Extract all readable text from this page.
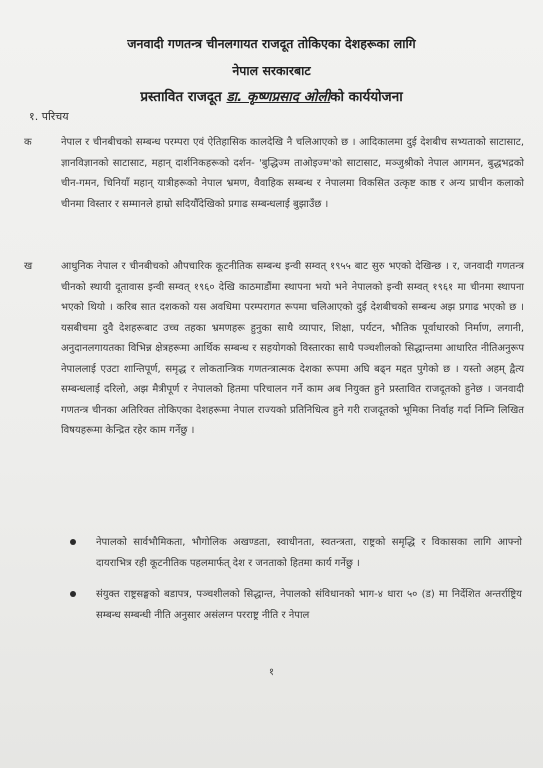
जनवादी गणतन्त्र चीनलगायत राजदूत तोकिएका देशहरूका लागि
नेपाल सरकारबाट
प्रस्तावित राजदूत डा. कृष्णप्रसाद ओलीको कार्ययोजना
१. परिचय
क	नेपाल र चीनबीचको सम्बन्ध परम्परा एवं ऐतिहासिक कालदेखि नै चलिआएको छ । आदिकालमा दुई देशबीच सभ्यताको साटासाट, ज्ञानविज्ञानको साटासाट, महान् दार्शनिकहरूको दर्शन- 'बुद्धिज्म ताओइज्म'को साटासाट, मञ्जुश्रीको नेपाल आगमन, बुद्धभद्रको चीन-गमन, चिनियाँ महान् यात्रीहरूको नेपाल भ्रमण, वैवाहिक सम्बन्ध र नेपालमा विकसित उत्कृष्ट काष्ठ र अन्य प्राचीन कलाको चीनमा विस्तार र सम्मानले हाम्रो सदियौँदेखिको प्रगाढ सम्बन्धलाई बुझाउँछ ।
ख	आधुनिक नेपाल र चीनबीचको औपचारिक कूटनीतिक सम्बन्ध इन्वी सम्वत् १९५५ बाट सुरु भएको देखिन्छ । र, जनवादी गणतन्त्र चीनको स्थायी दूतावास इन्वी सम्वत् १९६० देखि काठमाडौंमा स्थापना भयो भने नेपालको इन्वी सम्वत् १९६१ मा चीनमा स्थापना भएको थियो । करिब सात दशकको यस अवधिमा परम्परागत रूपमा चलिआएको दुई देशबीचको सम्बन्ध अझ प्रगाढ भएको छ । यसबीचमा दुवै देशहरूबाट उच्च तहका भ्रमणहरू हुनुका साथै व्यापार, शिक्षा, पर्यटन, भौतिक पूर्वाधारको निर्माण, लगानी, अनुदानलगायतका विभिन्न क्षेत्रहरूमा आर्थिक सम्बन्ध र सहयोगको विस्तारका साथै पञ्चशीलको सिद्धान्तमा आधारित नीतिअनुरूप नेपाललाई एउटा शान्तिपूर्ण, समृद्ध र लोकतान्त्रिक गणतन्त्रात्मक देशका रूपमा अघि बढ्न मद्दत पुगेको छ । यस्तो अहम् द्वैत्य सम्बन्धलाई दरिलो, अझ मैत्रीपूर्ण र नेपालको हितमा परिचालन गर्ने काम अब नियुक्त हुने प्रस्तावित राजदूतको हुनेछ । जनवादी गणतन्त्र चीनका अतिरिक्त तोकिएका देशहरूमा नेपाल राज्यको प्रतिनिधित्व हुने गरी राजदूतको भूमिका निर्वाह गर्दा निम्नि लिखित विषयहरूमा केन्द्रित रहेर काम गर्नेछु ।
नेपालको सार्वभौमिकता, भौगोलिक अखण्डता, स्वाधीनता, स्वतन्त्रता, राष्ट्रको समृद्धि र विकासका लागि आफ्नो दायराभित्र रही कूटनीतिक पहलमार्फत् देश र जनताको हितमा कार्य गर्नेछु ।
संयुक्त राष्ट्रसङ्घको बडापत्र, पञ्चशीलको सिद्धान्त, नेपालको संविधानको भाग-४ धारा ५० (ड) मा निर्देशित अन्तर्राष्ट्रिय सम्बन्ध सम्बन्धी नीति अनुसार असंलग्न परराष्ट्र नीति र नेपाल
१
